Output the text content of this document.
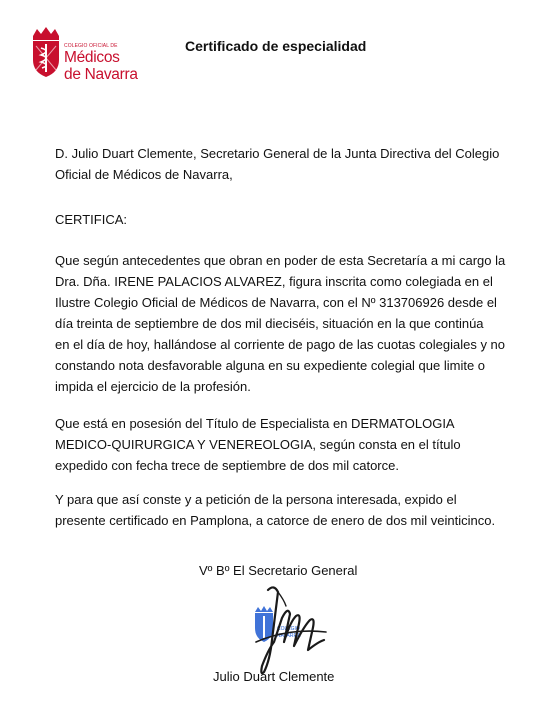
COLEGIO OFICIAL DE
Médicos
de Navarra
Certificado de especialidad

D. Julio Duart Clemente, Secretario General de la Junta Directiva del Colegio
Oficial de Médicos de Navarra,

CERTIFICA:

Que según antecedentes que obran en poder de esta Secretaría a mi cargo la
Dra. Dña. IRENE PALACIOS ALVAREZ, figura inscrita como colegiada en el
Ilustre Colegio Oficial de Médicos de Navarra, con el Nº 313706926 desde el
día treinta de septiembre de dos mil dieciséis, situación en la que continúa
en el día de hoy, hallándose al corriente de pago de las cuotas colegiales y no
constando nota desfavorable alguna en su expediente colegial que limite o
impida el ejercicio de la profesión.

Que está en posesión del Título de Especialista en DERMATOLOGIA
MEDICO-QUIRURGICA Y VENEREOLOGIA, según consta en el título
expedido con fecha trece de septiembre de dos mil catorce.

Y para que así conste y a petición de la persona interesada, expido el
presente certificado en Pamplona, a catorce de enero de dos mil veinticinco.

Vº Bº El Secretario General
COLEGIO
NAVARRA
Julio Duart Clemente
